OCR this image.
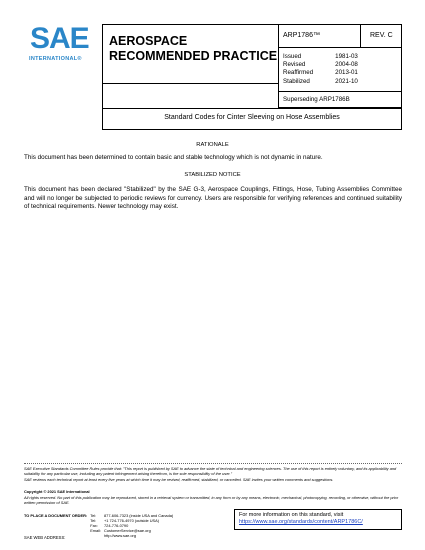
SAE
INTERNATIONAL®
AEROSPACE
RECOMMENDED PRACTICE
ARP1786™	REV. C
Issued	1981-03
Revised	2004-08
Reaffirmed	2013-01
Stabilized	2021-10
Superseding ARP1786B
Standard Codes for Cinter Sleeving on Hose Assemblies
RATIONALE
This document has been determined to contain basic and stable technology which is not dynamic in nature.
STABILIZED NOTICE
This document has been declared "Stabilized" by the SAE G-3, Aerospace Couplings, Fittings, Hose, Tubing Assemblies Committee and will no longer be subjected to periodic reviews for currency. Users are responsible for verifying references and continued suitability of technical requirements. Newer technology may exist.
SAE Executive Standards Committee Rules provide that: "This report is published by SAE to advance the state of technical and engineering sciences. The use of this report is entirely voluntary, and its applicability and suitability for any particular use, including any patent infringement arising therefrom, is the sole responsibility of the user."
SAE reviews each technical report at least every five years at which time it may be revised, reaffirmed, stabilized, or cancelled. SAE invites your written comments and suggestions.
Copyright © 2021 SAE International
All rights reserved. No part of this publication may be reproduced, stored in a retrieval system or transmitted, in any form or by any means, electronic, mechanical, photocopying, recording, or otherwise, without the prior written permission of SAE.
TO PLACE A DOCUMENT ORDER:	Tel:	877-606-7323 (inside USA and Canada)
	Tel:	+1 724-776-4970 (outside USA)
	Fax:	724-776-0790
	Email:	CustomerService@sae.org
		http://www.sae.org
SAE WEB ADDRESS:
For more information on this standard, visit
https://www.sae.org/standards/content/ARP1786C/
